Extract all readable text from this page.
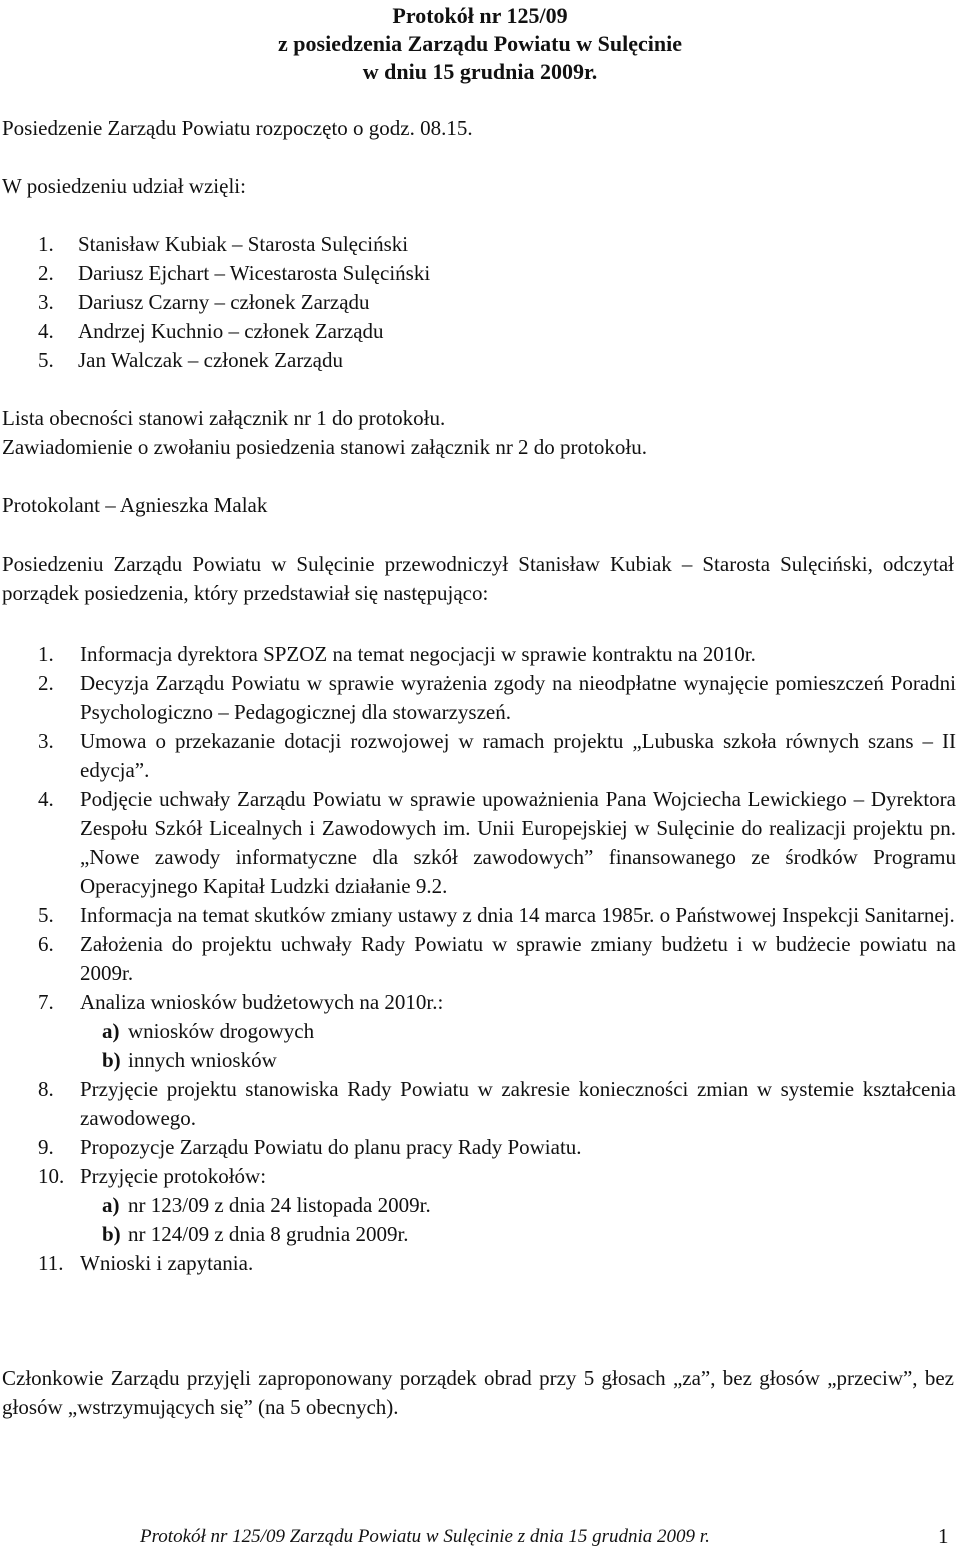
Protokół nr 125/09
z posiedzenia Zarządu Powiatu w Sulęcinie
w dniu 15 grudnia 2009r.
Posiedzenie Zarządu Powiatu rozpoczęto o godz. 08.15.
W posiedzeniu udział wzięli:
1. Stanisław Kubiak – Starosta Sulęciński
2. Dariusz Ejchart – Wicestarosta Sulęciński
3. Dariusz Czarny – członek Zarządu
4. Andrzej Kuchnio – członek Zarządu
5. Jan Walczak – członek Zarządu
Lista obecności stanowi załącznik nr 1 do protokołu.
Zawiadomienie o zwołaniu posiedzenia stanowi załącznik nr 2 do protokołu.
Protokolant – Agnieszka Malak
Posiedzeniu Zarządu Powiatu w Sulęcinie przewodniczył Stanisław Kubiak – Starosta Sulęciński, odczytał porządek posiedzenia, który przedstawiał się następująco:
1.	Informacja dyrektora SPZOZ na temat negocjacji w sprawie kontraktu na 2010r.
2.	Decyzja Zarządu Powiatu w sprawie wyrażenia zgody na nieodpłatne wynajęcie pomieszczeń Poradni Psychologiczno – Pedagogicznej dla stowarzyszeń.
3.	Umowa o przekazanie dotacji rozwojowej w ramach projektu „Lubuska szkoła równych szans – II edycja”.
4.	Podjęcie uchwały Zarządu Powiatu w sprawie upoważnienia Pana Wojciecha Lewickiego – Dyrektora Zespołu Szkół Licealnych i Zawodowych im. Unii Europejskiej w Sulęcinie do realizacji projektu pn. „Nowe zawody informatyczne dla szkół zawodowych” finansowanego ze środków Programu Operacyjnego Kapitał Ludzki działanie 9.2.
5.	Informacja na temat skutków zmiany ustawy z dnia 14 marca 1985r. o Państwowej Inspekcji Sanitarnej.
6.	Założenia do projektu uchwały Rady Powiatu w sprawie zmiany budżetu i w budżecie powiatu na 2009r.
7.	Analiza wniosków budżetowych na 2010r.:
a) wniosków drogowych
b) innych wniosków
8.	Przyjęcie projektu stanowiska Rady Powiatu w zakresie konieczności zmian w systemie kształcenia zawodowego.
9.	Propozycje Zarządu Powiatu do planu pracy Rady Powiatu.
10. Przyjęcie protokołów:
a) nr 123/09 z dnia 24 listopada 2009r.
b) nr 124/09 z dnia 8 grudnia 2009r.
11. Wnioski i zapytania.
Członkowie Zarządu przyjęli zaproponowany porządek obrad przy 5 głosach „za”, bez głosów „przeciw”, bez głosów „wstrzymujących się” (na 5 obecnych).
Protokół nr 125/09 Zarządu Powiatu w Sulęcinie z dnia 15 grudnia 2009 r.	1
